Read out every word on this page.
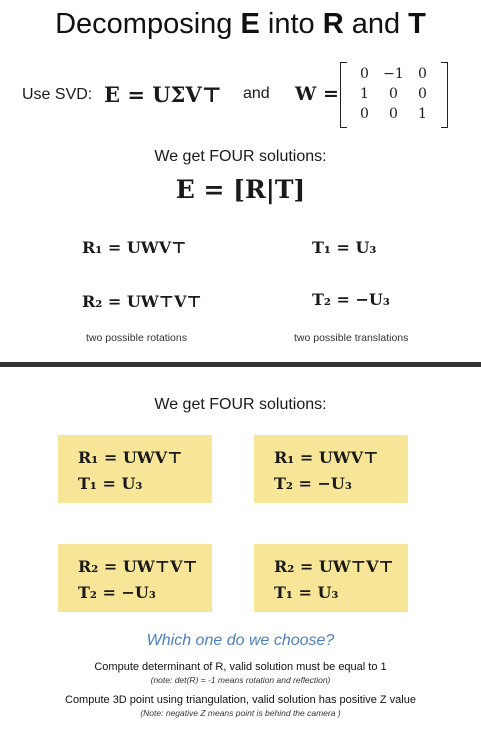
Decomposing E into R and T
Use SVD: E = UΣV⊤ and W =
0	−1	0
1	0	0
0	0	1
We get FOUR solutions:
E = [R|T]
R₁ = UWV⊤	T₁ = U₃
R₂ = UW⊤V⊤	T₂ = −U₃
two possible rotations	two possible translations
We get FOUR solutions:
R₁ = UWV⊤
T₁ = U₃
R₁ = UWV⊤
T₂ = −U₃
R₂ = UW⊤V⊤
T₂ = −U₃
R₂ = UW⊤V⊤
T₁ = U₃
Which one do we choose?
Compute determinant of R, valid solution must be equal to 1
(note: det(R) = -1 means rotation and reflection)
Compute 3D point using triangulation, valid solution has positive Z value
(Note: negative Z means point is behind the camera )
